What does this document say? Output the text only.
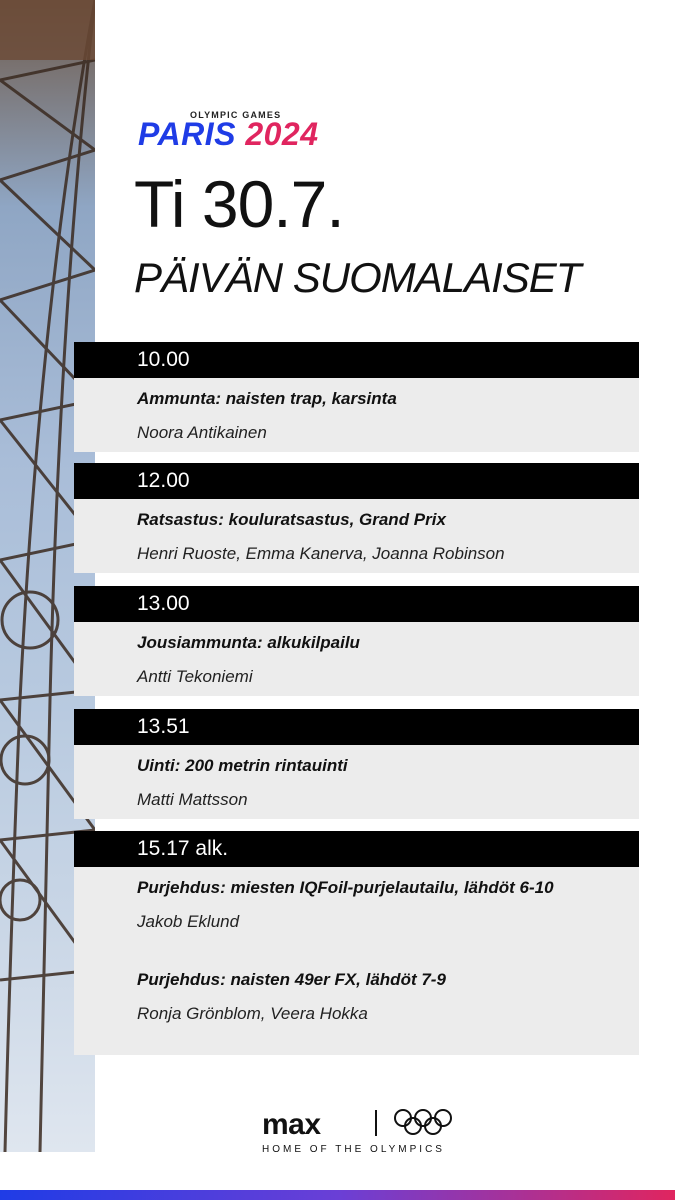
OLYMPIC GAMES
PARIS 2024
Ti 30.7.
PÄIVÄN SUOMALAISET
10.00
Ammunta: naisten trap, karsinta
Noora Antikainen
12.00
Ratsastus: kouluratsastus, Grand Prix
Henri Ruoste, Emma Kanerva, Joanna Robinson
13.00
Jousiammunta: alkukilpailu
Antti Tekoniemi
13.51
Uinti: 200 metrin rintauinti
Matti Mattsson
15.17 alk.
Purjehdus: miesten IQFoil-purjelautailu, lähdöt 6-10
Jakob Eklund
Purjehdus: naisten 49er FX, lähdöt 7-9
Ronja Grönblom, Veera Hokka
max
HOME OF THE OLYMPICS
